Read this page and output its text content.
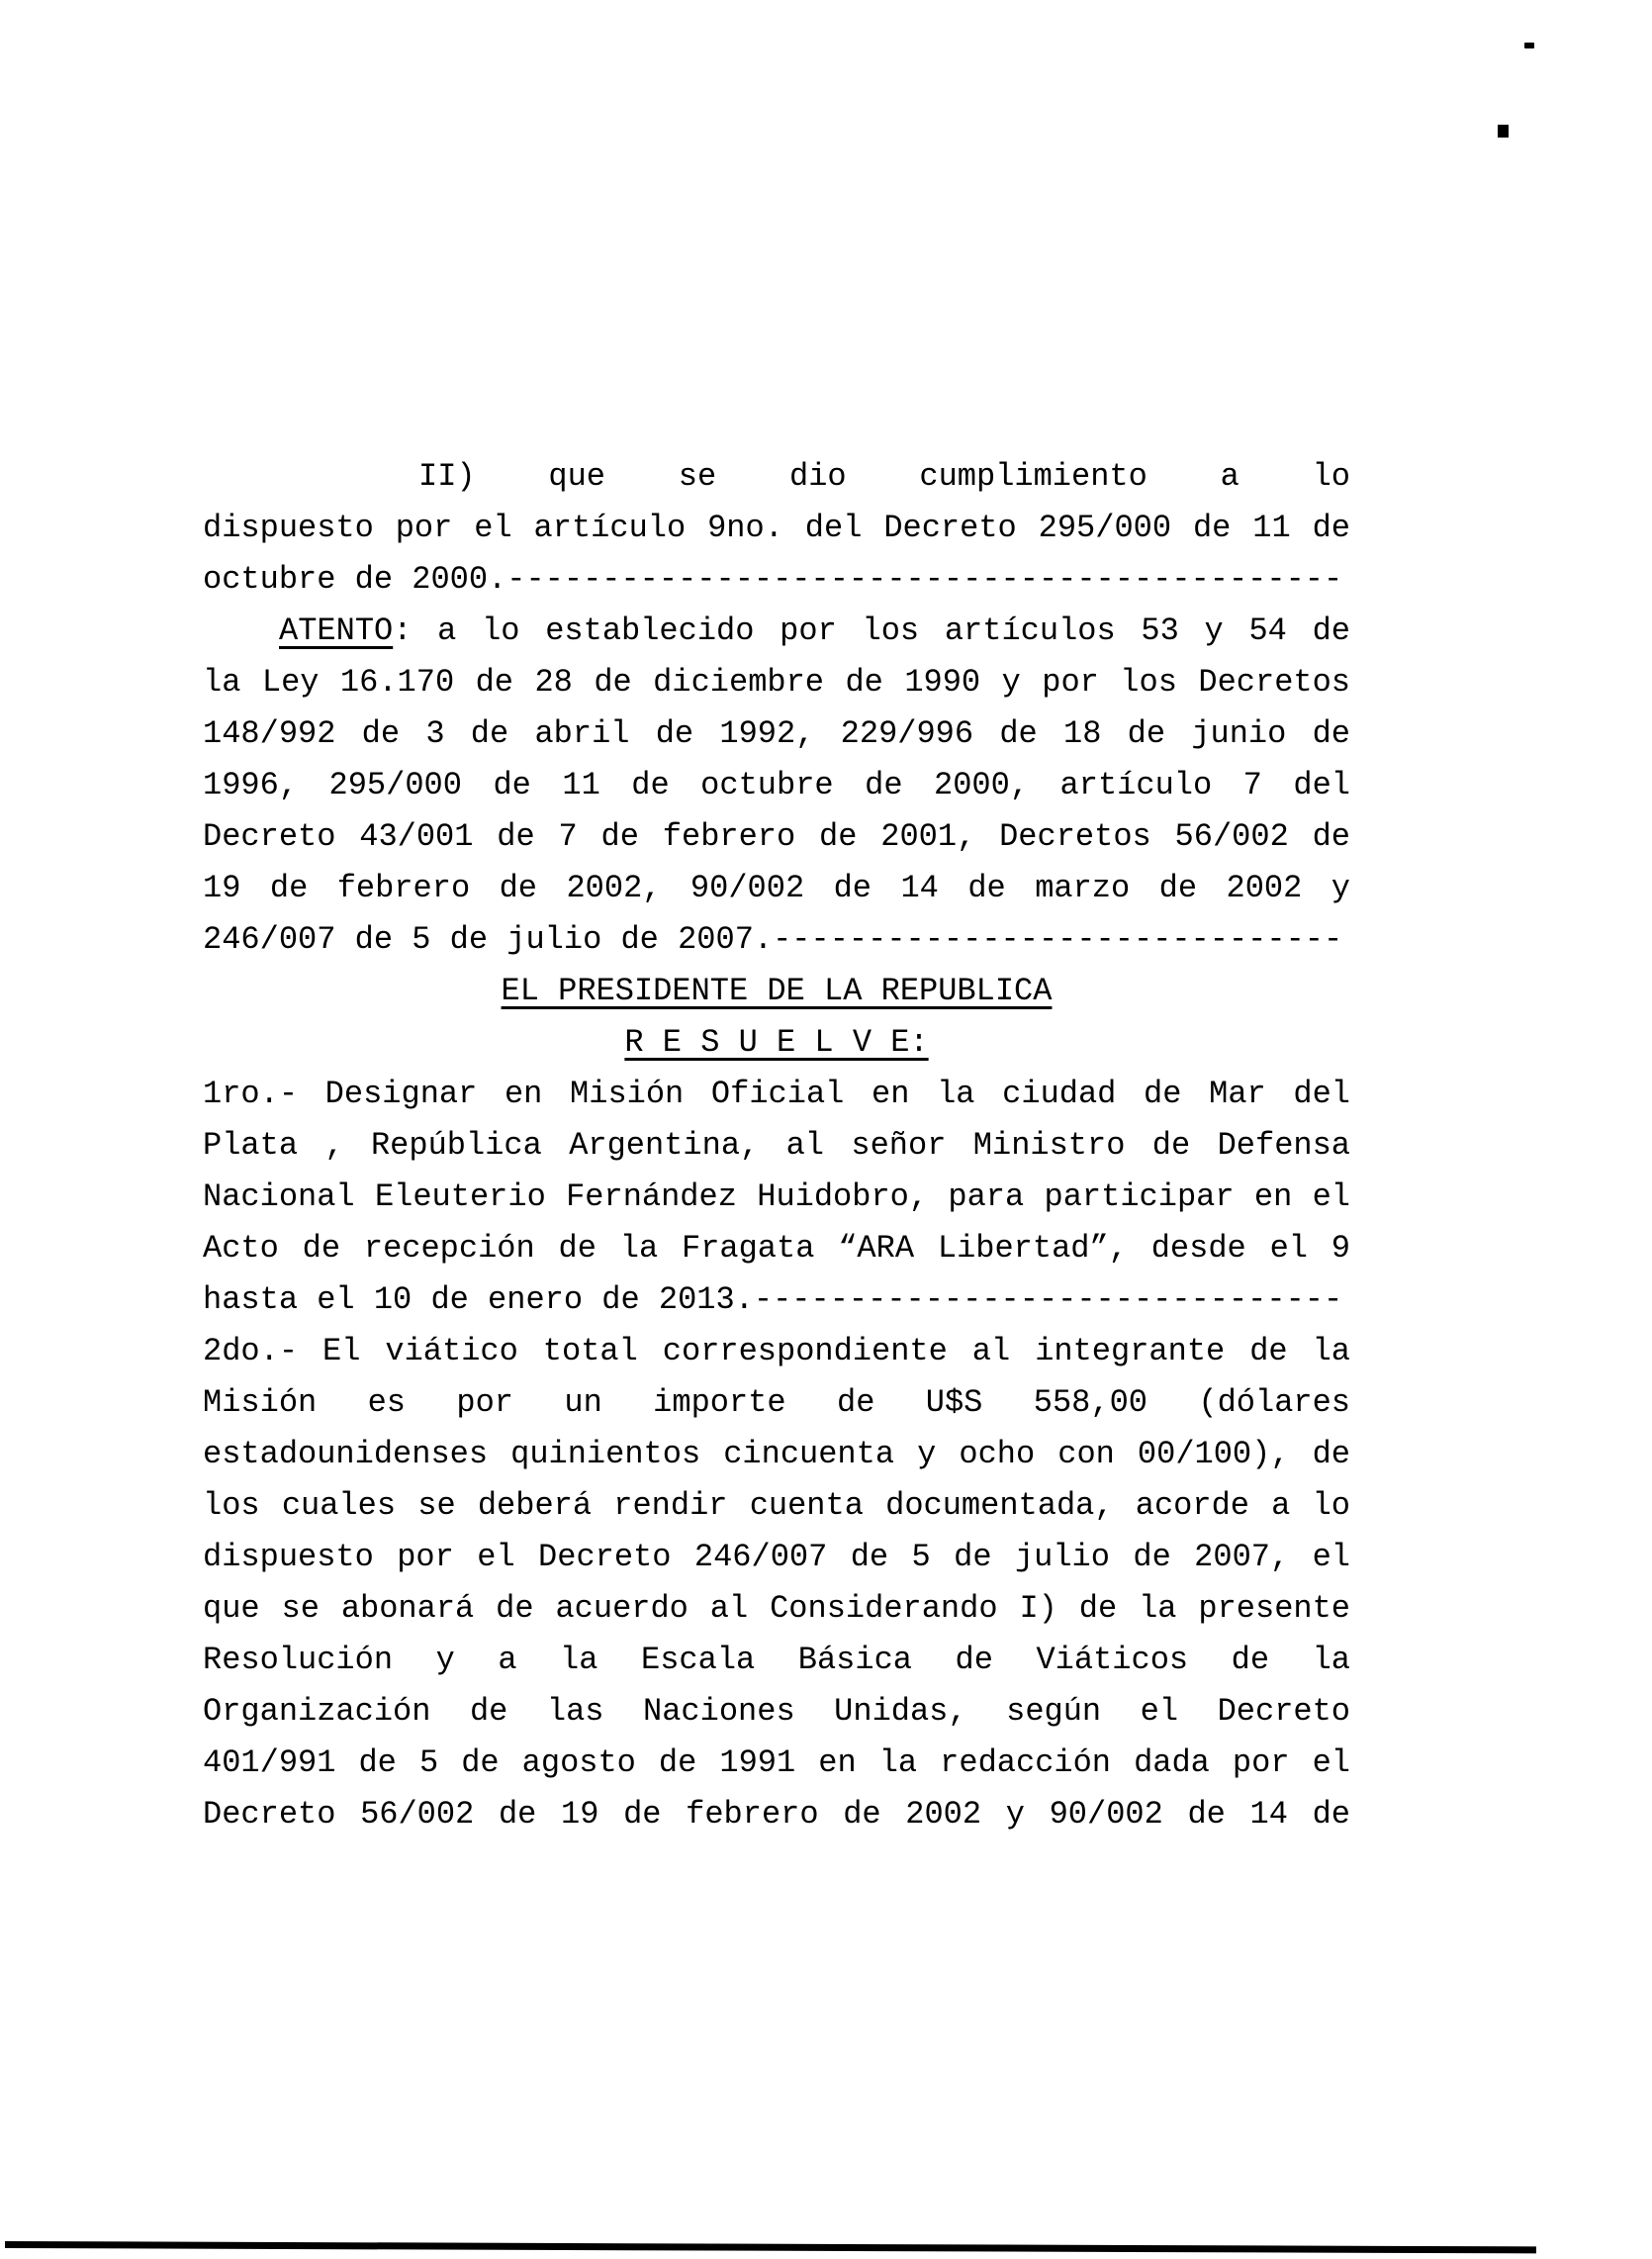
II) que se dio cumplimiento a lo
dispuesto por el artículo 9no. del Decreto 295/000 de 11 de
octubre de 2000.--------------------------------------------
ATENTO: a lo establecido por los artículos 53 y 54 de
la Ley 16.170 de 28 de diciembre de 1990 y por los Decretos
148/992 de 3 de abril de 1992, 229/996 de 18 de junio de
1996, 295/000 de 11 de octubre de 2000, artículo 7 del
Decreto 43/001 de 7 de febrero de 2001, Decretos 56/002 de
19 de febrero de 2002, 90/002 de 14 de marzo de 2002 y
246/007 de 5 de julio de 2007.------------------------------
EL PRESIDENTE DE LA REPUBLICA
R E S U E L V E:
1ro.- Designar en Misión Oficial en la ciudad de Mar del
Plata , República Argentina, al señor Ministro de Defensa
Nacional Eleuterio Fernández Huidobro, para participar en el
Acto de recepción de la Fragata “ARA Libertad”, desde el 9
hasta el 10 de enero de 2013.-------------------------------
2do.- El viático total correspondiente al integrante de la
Misión es por un importe de U$S 558,00 (dólares
estadounidenses quinientos cincuenta y ocho con 00/100), de
los cuales se deberá rendir cuenta documentada, acorde a lo
dispuesto por el Decreto 246/007 de 5 de julio de 2007, el
que se abonará de acuerdo al Considerando I) de la presente
Resolución y a la Escala Básica de Viáticos de la
Organización de las Naciones Unidas, según el Decreto
401/991 de 5 de agosto de 1991 en la redacción dada por el
Decreto 56/002 de 19 de febrero de 2002 y 90/002 de 14 de
